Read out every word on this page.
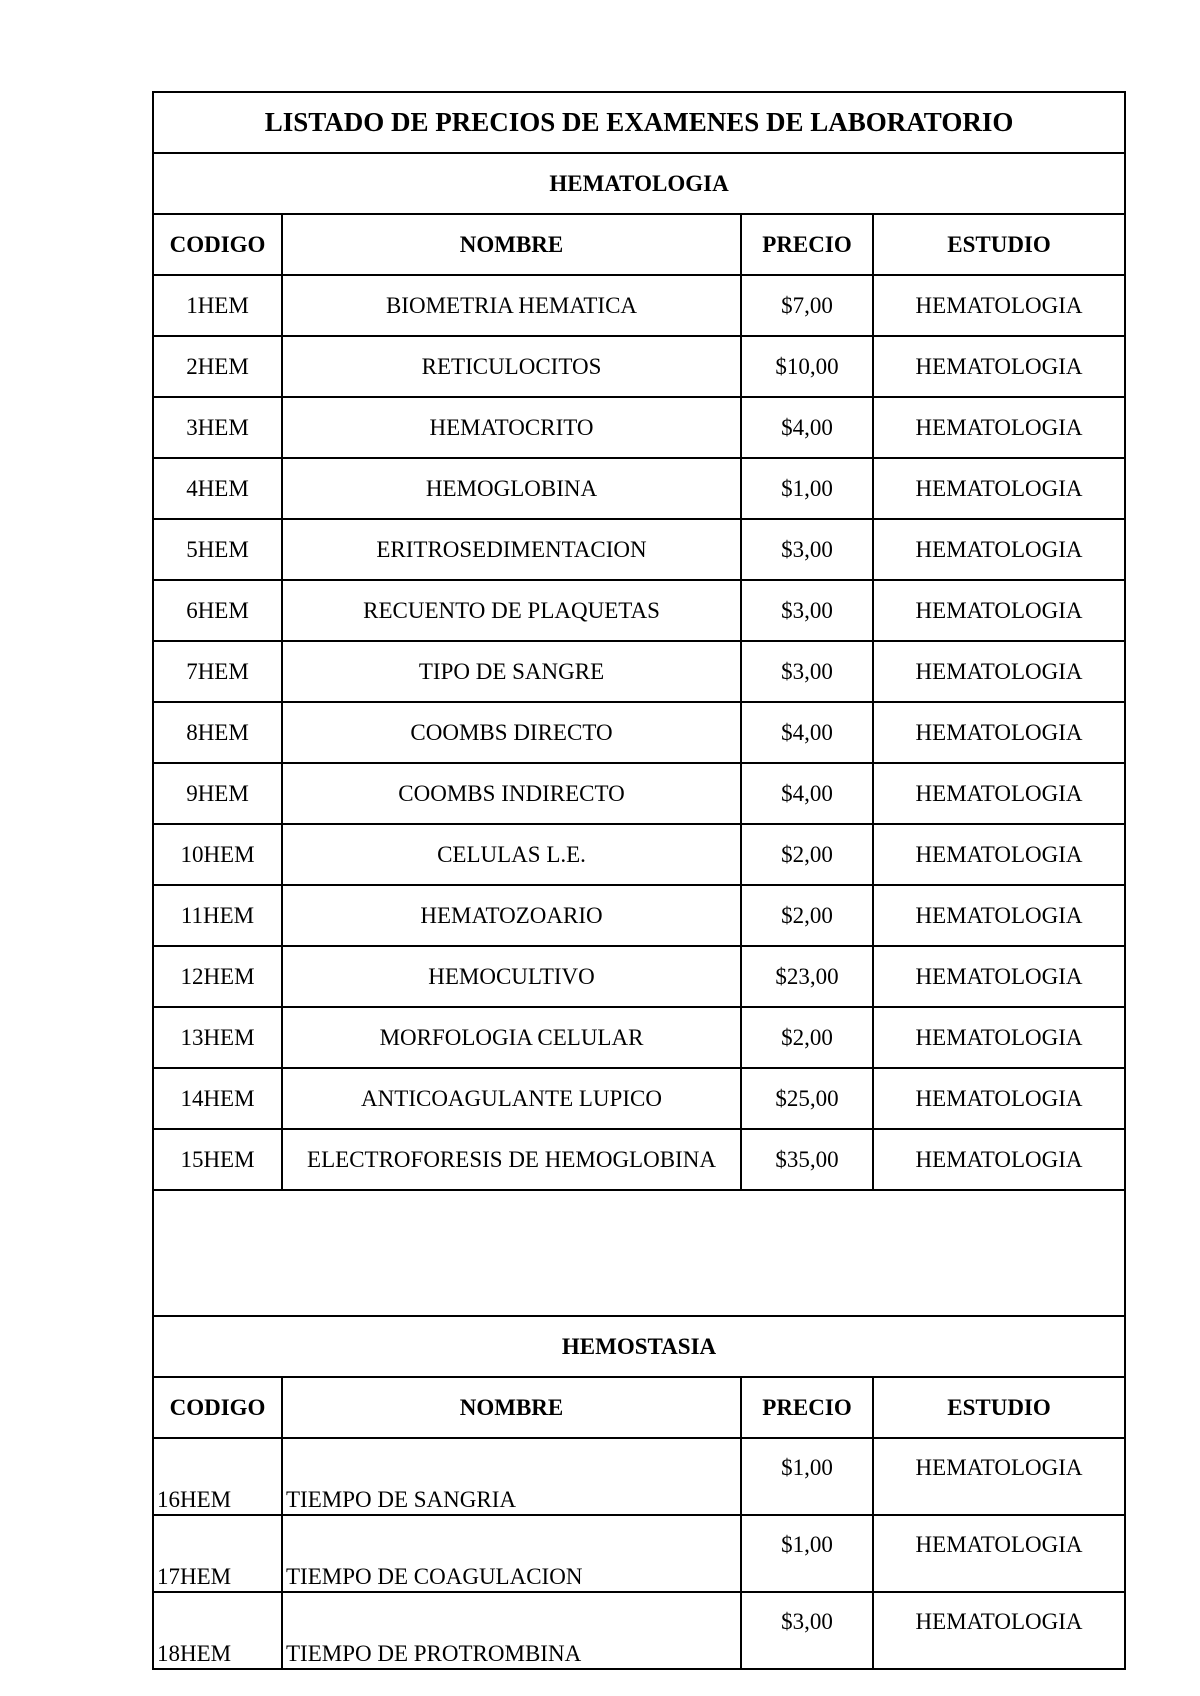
LISTADO DE PRECIOS DE EXAMENES DE LABORATORIO			
HEMATOLOGIA			
CODIGO	NOMBRE	PRECIO	ESTUDIO
1HEM	BIOMETRIA HEMATICA	$7,00	HEMATOLOGIA
2HEM	RETICULOCITOS	$10,00	HEMATOLOGIA
3HEM	HEMATOCRITO	$4,00	HEMATOLOGIA
4HEM	HEMOGLOBINA	$1,00	HEMATOLOGIA
5HEM	ERITROSEDIMENTACION	$3,00	HEMATOLOGIA
6HEM	RECUENTO DE PLAQUETAS	$3,00	HEMATOLOGIA
7HEM	TIPO DE SANGRE	$3,00	HEMATOLOGIA
8HEM	COOMBS DIRECTO	$4,00	HEMATOLOGIA
9HEM	COOMBS INDIRECTO	$4,00	HEMATOLOGIA
10HEM	CELULAS L.E.	$2,00	HEMATOLOGIA
11HEM	HEMATOZOARIO	$2,00	HEMATOLOGIA
12HEM	HEMOCULTIVO	$23,00	HEMATOLOGIA
13HEM	MORFOLOGIA CELULAR	$2,00	HEMATOLOGIA
14HEM	ANTICOAGULANTE LUPICO	$25,00	HEMATOLOGIA
15HEM	ELECTROFORESIS DE HEMOGLOBINA	$35,00	HEMATOLOGIA

HEMOSTASIA			
CODIGO	NOMBRE	PRECIO	ESTUDIO
16HEM	TIEMPO DE SANGRIA	$1,00	HEMATOLOGIA
17HEM	TIEMPO DE COAGULACION	$1,00	HEMATOLOGIA
18HEM	TIEMPO DE PROTROMBINA	$3,00	HEMATOLOGIA
